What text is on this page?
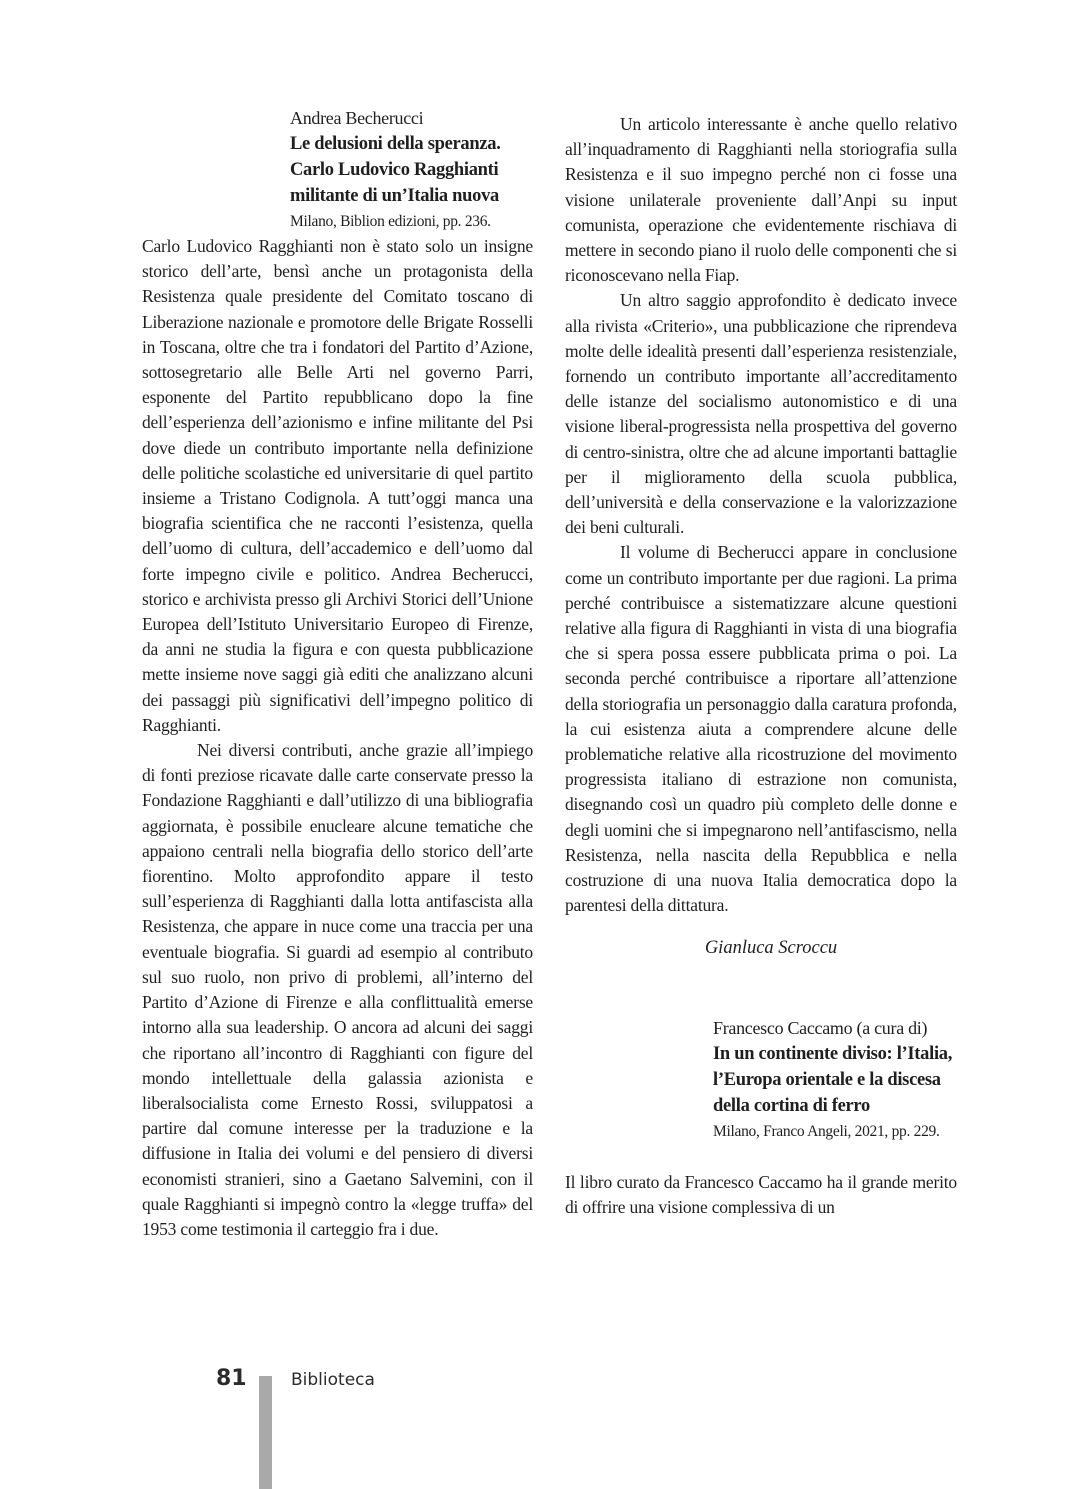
Andrea Becherucci
Le delusioni della speranza. Carlo Ludovico Ragghianti militante di un’Italia nuova
Milano, Biblion edizioni, pp. 236.

Carlo Ludovico Ragghianti non è stato solo un insigne storico dell’arte, bensì anche un protagonista della Resistenza quale presidente del Comitato toscano di Liberazione nazionale e promotore delle Brigate Rosselli in Toscana, oltre che tra i fondatori del Partito d’Azione, sottosegretario alle Belle Arti nel governo Parri, esponente del Partito repubblicano dopo la fine dell’esperienza dell’azionismo e infine militante del Psi dove diede un contributo importante nella definizione delle politiche scolastiche ed universitarie di quel partito insieme a Tristano Codignola. A tutt’oggi manca una biografia scientifica che ne racconti l’esistenza, quella dell’uomo di cultura, dell’accademico e dell’uomo dal forte impegno civile e politico. Andrea Becherucci, storico e archivista presso gli Archivi Storici dell’Unione Europea dell’Istituto Universitario Europeo di Firenze, da anni ne studia la figura e con questa pubblicazione mette insieme nove saggi già editi che analizzano alcuni dei passaggi più significativi dell’impegno politico di Ragghianti.

Nei diversi contributi, anche grazie all’impiego di fonti preziose ricavate dalle carte conservate presso la Fondazione Ragghianti e dall’utilizzo di una bibliografia aggiornata, è possibile enucleare alcune tematiche che appaiono centrali nella biografia dello storico dell’arte fiorentino. Molto approfondito appare il testo sull’esperienza di Ragghianti dalla lotta antifascista alla Resistenza, che appare in nuce come una traccia per una eventuale biografia. Si guardi ad esempio al contributo sul suo ruolo, non privo di problemi, all’interno del Partito d’Azione di Firenze e alla conflittualità emerse intorno alla sua leadership. O ancora ad alcuni dei saggi che riportano all’incontro di Ragghianti con figure del mondo intellettuale della galassia azionista e liberalsocialista come Ernesto Rossi, sviluppatosi a partire dal comune interesse per la traduzione e la diffusione in Italia dei volumi e del pensiero di diversi economisti stranieri, sino a Gaetano Salvemini, con il quale Ragghianti si impegnò contro la «legge truffa» del 1953 come testimonia il carteggio fra i due.

Un articolo interessante è anche quello relativo all’inquadramento di Ragghianti nella storiografia sulla Resistenza e il suo impegno perché non ci fosse una visione unilaterale proveniente dall’Anpi su input comunista, operazione che evidentemente rischiava di mettere in secondo piano il ruolo delle componenti che si riconoscevano nella Fiap.

Un altro saggio approfondito è dedicato invece alla rivista «Criterio», una pubblicazione che riprendeva molte delle idealità presenti dall’esperienza resistenziale, fornendo un contributo importante all’accreditamento delle istanze del socialismo autonomistico e di una visione liberal-progressista nella prospettiva del governo di centro-sinistra, oltre che ad alcune importanti battaglie per il miglioramento della scuola pubblica, dell’università e della conservazione e la valorizzazione dei beni culturali.

Il volume di Becherucci appare in conclusione come un contributo importante per due ragioni. La prima perché contribuisce a sistematizzare alcune questioni relative alla figura di Ragghianti in vista di una biografia che si spera possa essere pubblicata prima o poi. La seconda perché contribuisce a riportare all’attenzione della storiografia un personaggio dalla caratura profonda, la cui esistenza aiuta a comprendere alcune delle problematiche relative alla ricostruzione del movimento progressista italiano di estrazione non comunista, disegnando così un quadro più completo delle donne e degli uomini che si impegnarono nell’antifascismo, nella Resistenza, nella nascita della Repubblica e nella costruzione di una nuova Italia democratica dopo la parentesi della dittatura.

Gianluca Scroccu
Francesco Caccamo (a cura di)
In un continente diviso: l’Italia, l’Europa orientale e la discesa della cortina di ferro
Milano, Franco Angeli, 2021, pp. 229.

Il libro curato da Francesco Caccamo ha il grande merito di offrire una visione complessiva di un

81	Biblioteca
